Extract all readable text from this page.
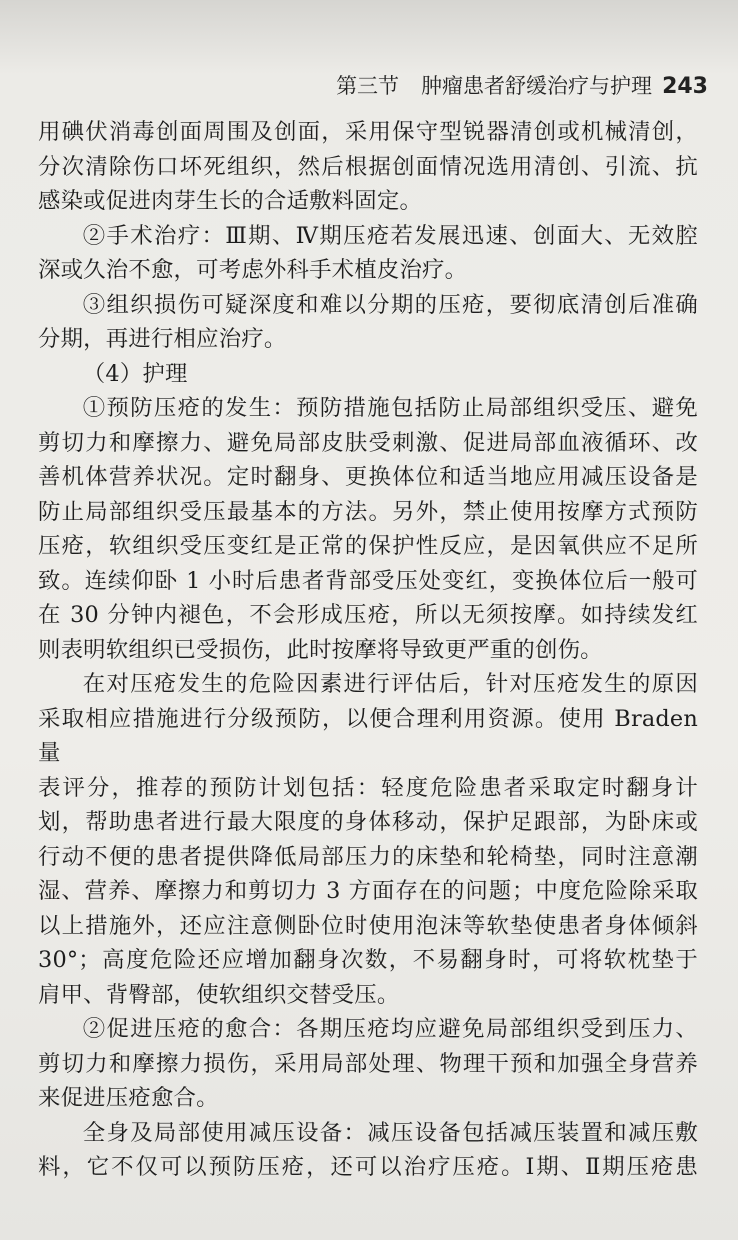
第三节 肿瘤患者舒缓治疗与护理 243

用碘伏消毒创面周围及创面，采用保守型锐器清创或机械清创，

分次清除伤口坏死组织，然后根据创面情况选用清创、引流、抗

感染或促进肉芽生长的合适敷料固定。

②手术治疗：Ⅲ期、Ⅳ期压疮若发展迅速、创面大、无效腔

深或久治不愈，可考虑外科手术植皮治疗。

③组织损伤可疑深度和难以分期的压疮，要彻底清创后准确

分期，再进行相应治疗。

（4）护理

①预防压疮的发生：预防措施包括防止局部组织受压、避免

剪切力和摩擦力、避免局部皮肤受刺激、促进局部血液循环、改

善机体营养状况。定时翻身、更换体位和适当地应用减压设备是

防止局部组织受压最基本的方法。另外，禁止使用按摩方式预防

压疮，软组织受压变红是正常的保护性反应，是因氧供应不足所

致。连续仰卧 1 小时后患者背部受压处变红，变换体位后一般可

在 30 分钟内褪色，不会形成压疮，所以无须按摩。如持续发红

则表明软组织已受损伤，此时按摩将导致更严重的创伤。

在对压疮发生的危险因素进行评估后，针对压疮发生的原因

采取相应措施进行分级预防，以便合理利用资源。使用 Braden 量

表评分，推荐的预防计划包括：轻度危险患者采取定时翻身计

划，帮助患者进行最大限度的身体移动，保护足跟部，为卧床或

行动不便的患者提供降低局部压力的床垫和轮椅垫，同时注意潮

湿、营养、摩擦力和剪切力 3 方面存在的问题；中度危险除采取

以上措施外，还应注意侧卧位时使用泡沫等软垫使患者身体倾斜

30°；高度危险还应增加翻身次数，不易翻身时，可将软枕垫于

肩甲、背臀部，使软组织交替受压。

②促进压疮的愈合：各期压疮均应避免局部组织受到压力、

剪切力和摩擦力损伤，采用局部处理、物理干预和加强全身营养

来促进压疮愈合。

全身及局部使用减压设备：减压设备包括减压装置和减压敷

料，它不仅可以预防压疮，还可以治疗压疮。Ⅰ期、Ⅱ期压疮患
